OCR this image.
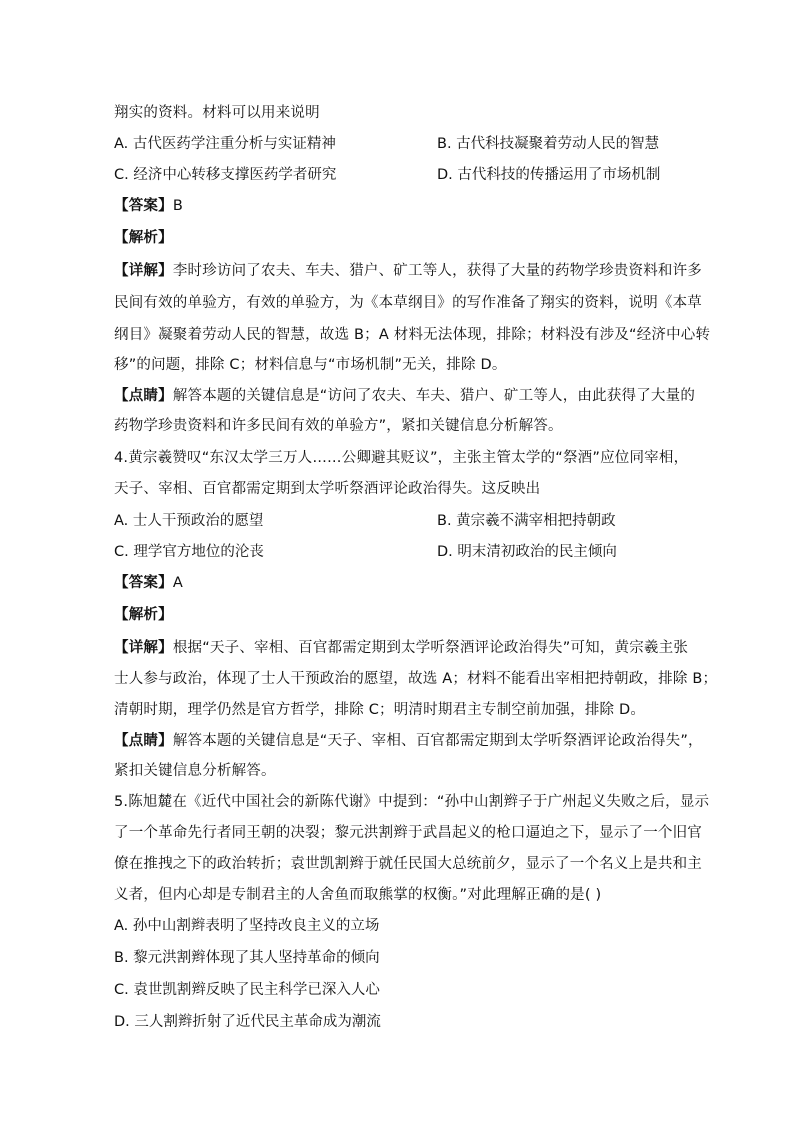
翔实的资料。材料可以用来说明
A. 古代医药学注重分析与实证精神	B. 古代科技凝聚着劳动人民的智慧
C. 经济中心转移支撑医药学者研究	D. 古代科技的传播运用了市场机制
【答案】B
【解析】
【详解】李时珍访问了农夫、车夫、猎户、矿工等人，获得了大量的药物学珍贵资料和许多
民间有效的单验方，有效的单验方，为《本草纲目》的写作准备了翔实的资料，说明《本草
纲目》凝聚着劳动人民的智慧，故选 B；A 材料无法体现，排除；材料没有涉及“经济中心转
移”的问题，排除 C；材料信息与“市场机制”无关，排除 D。
【点睛】解答本题的关键信息是“访问了农夫、车夫、猎户、矿工等人，由此获得了大量的
药物学珍贵资料和许多民间有效的单验方”，紧扣关键信息分析解答。
4.黄宗羲赞叹“东汉太学三万人……公卿避其贬议”，主张主管太学的“祭酒”应位同宰相，
天子、宰相、百官都需定期到太学听祭酒评论政治得失。这反映出
A. 士人干预政治的愿望	B. 黄宗羲不满宰相把持朝政
C. 理学官方地位的沦丧	D. 明末清初政治的民主倾向
【答案】A
【解析】
【详解】根据“天子、宰相、百官都需定期到太学听祭酒评论政治得失”可知，黄宗羲主张
士人参与政治，体现了士人干预政治的愿望，故选 A；材料不能看出宰相把持朝政，排除 B；
清朝时期，理学仍然是官方哲学，排除 C；明清时期君主专制空前加强，排除 D。
【点睛】解答本题的关键信息是“天子、宰相、百官都需定期到太学听祭酒评论政治得失”，
紧扣关键信息分析解答。
5.陈旭麓在《近代中国社会的新陈代谢》中提到：“孙中山割辫子于广州起义失败之后，显示
了一个革命先行者同王朝的决裂；黎元洪割辫于武昌起义的枪口逼迫之下，显示了一个旧官
僚在推拽之下的政治转折；袁世凯割辫于就任民国大总统前夕，显示了一个名义上是共和主
义者，但内心却是专制君主的人舍鱼而取熊掌的权衡。”对此理解正确的是( )
A. 孙中山割辫表明了坚持改良主义的立场
B. 黎元洪割辫体现了其人坚持革命的倾向
C. 袁世凯割辫反映了民主科学已深入人心
D. 三人割辫折射了近代民主革命成为潮流
